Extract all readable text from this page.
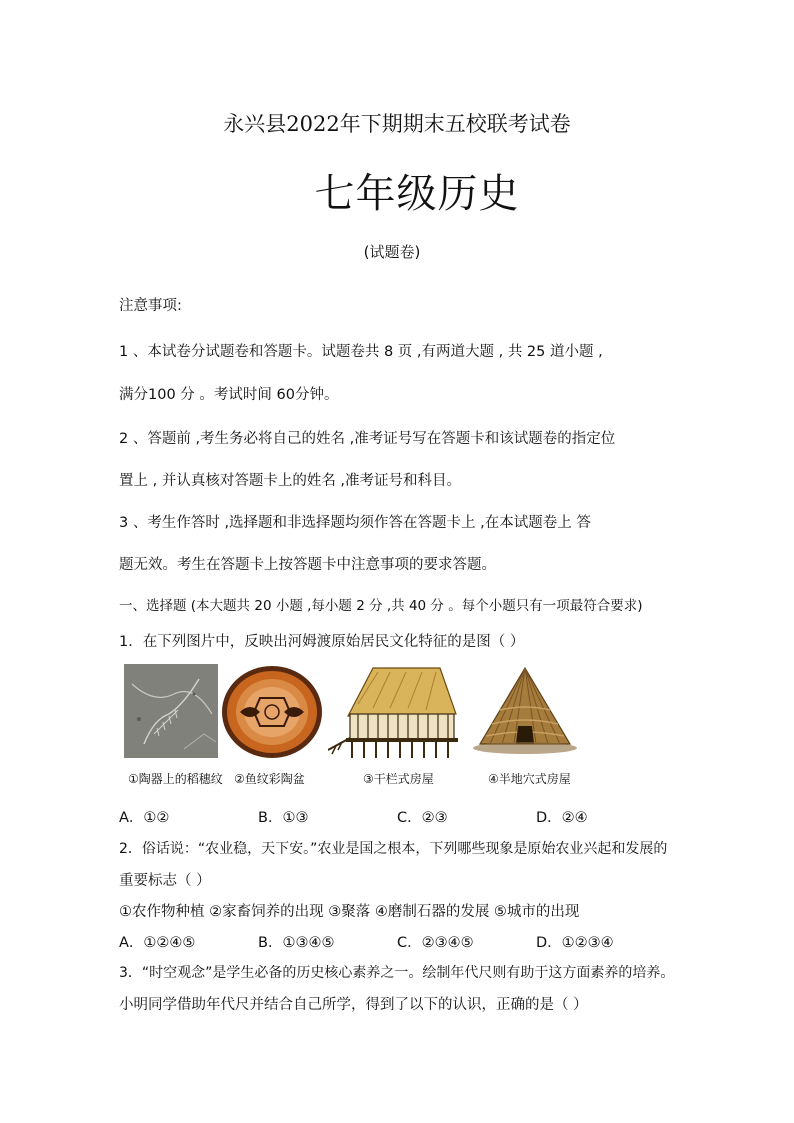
永兴县2022年下期期末五校联考试卷
七年级历史
(试题卷)
注意事项:
1 、本试卷分试题卷和答题卡。试题卷共 8 页 ,有两道大题 , 共 25 道小题 ,
满分100 分 。考试时间 60分钟。
2 、答题前 ,考生务必将自己的姓名 ,准考证号写在答题卡和该试题卷的指定位
置上 , 并认真核对答题卡上的姓名 ,准考证号和科目。
3 、考生作答时 ,选择题和非选择题均须作答在答题卡上 ,在本试题卷上 答
题无效。考生在答题卡上按答题卡中注意事项的要求答题。
一、选择题 (本大题共 20 小题 ,每小题 2 分 ,共 40 分 。每个小题只有一项最符合要求)
1．在下列图片中，反映出河姆渡原始居民文化特征的是图（ ）
①陶器上的稻穗纹 ②鱼纹彩陶盆	③干栏式房屋	④半地穴式房屋
A．①②	B．①③	C．②③	D．②④
2．俗话说：“农业稳，天下安。”农业是国之根本，下列哪些现象是原始农业兴起和发展的
重要标志（ ）
①农作物种植 ②家畜饲养的出现 ③聚落 ④磨制石器的发展 ⑤城市的出现
A．①②④⑤	B．①③④⑤	C．②③④⑤	D．①②③④
3．“时空观念”是学生必备的历史核心素养之一。绘制年代尺则有助于这方面素养的培养。
小明同学借助年代尺并结合自己所学，得到了以下的认识，正确的是（ ）
